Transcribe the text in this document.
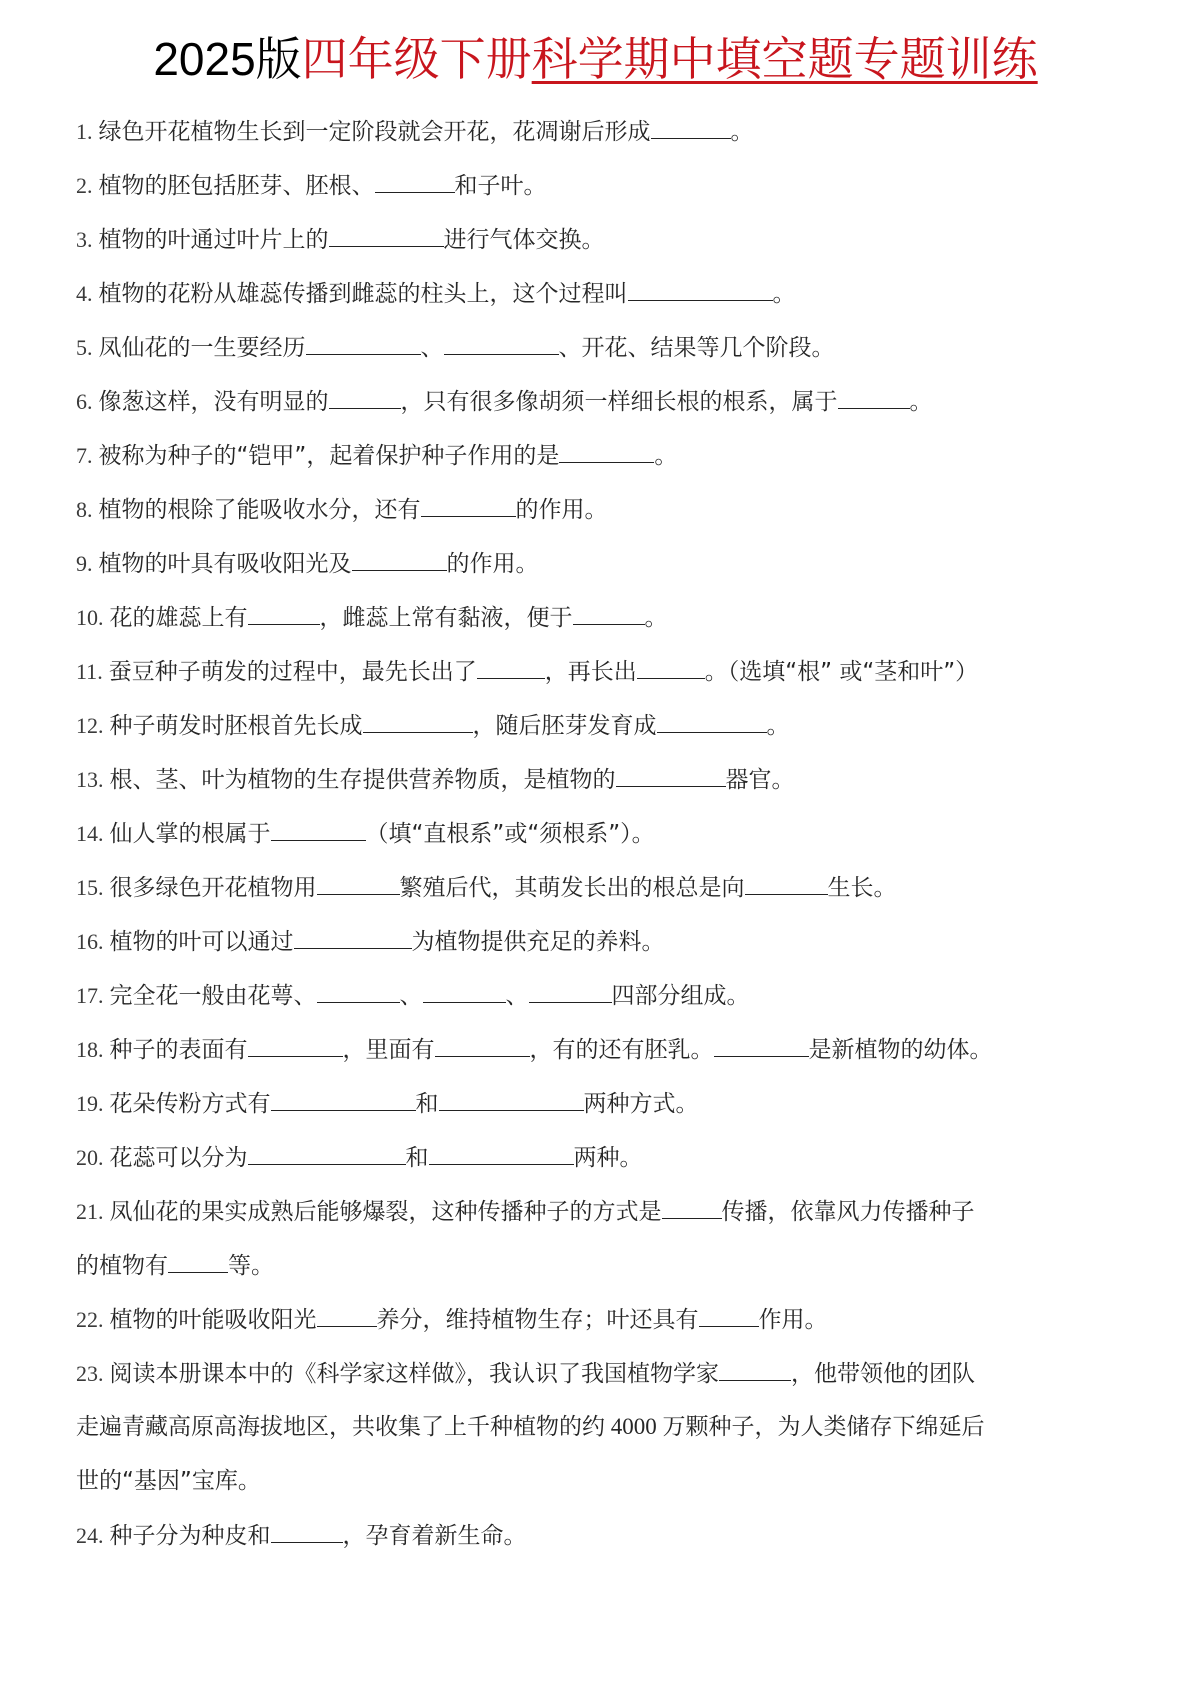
2025版四年级下册科学期中填空题专题训练
1. 绿色开花植物生长到一定阶段就会开花，花凋谢后形成	。
2. 植物的胚包括胚芽、胚根、	和子叶。
3. 植物的叶通过叶片上的	进行气体交换。
4. 植物的花粉从雄蕊传播到雌蕊的柱头上，这个过程叫	。
5. 凤仙花的一生要经历	、	、开花、结果等几个阶段。
6. 像葱这样，没有明显的	，只有很多像胡须一样细长根的根系，属于	。
7. 被称为种子的“铠甲”，起着保护种子作用的是	。
8. 植物的根除了能吸收水分，还有	的作用。
9. 植物的叶具有吸收阳光及	的作用。
10. 花的雄蕊上有	，雌蕊上常有黏液，便于	。
11. 蚕豆种子萌发的过程中，最先长出了	，再长出	。（选填“根” 或“茎和叶”）
12. 种子萌发时胚根首先长成	，随后胚芽发育成	。
13. 根、茎、叶为植物的生存提供营养物质，是植物的	器官。
14. 仙人掌的根属于	（填“直根系”或“须根系”）。
15. 很多绿色开花植物用	繁殖后代，其萌发长出的根总是向	生长。
16. 植物的叶可以通过	为植物提供充足的养料。
17. 完全花一般由花萼、	、	、	四部分组成。
18. 种子的表面有	，里面有	，有的还有胚乳。	是新植物的幼体。
19. 花朵传粉方式有	和	两种方式。
20. 花蕊可以分为	和	两种。
21. 凤仙花的果实成熟后能够爆裂，这种传播种子的方式是	传播，依靠风力传播种子
的植物有	等。
22. 植物的叶能吸收阳光	养分，维持植物生存；叶还具有	作用。
23. 阅读本册课本中的《科学家这样做》，我认识了我国植物学家	，他带领他的团队
走遍青藏高原高海拔地区，共收集了上千种植物的约 4000 万颗种子，为人类储存下绵延后
世的“基因”宝库。
24. 种子分为种皮和	，孕育着新生命。
